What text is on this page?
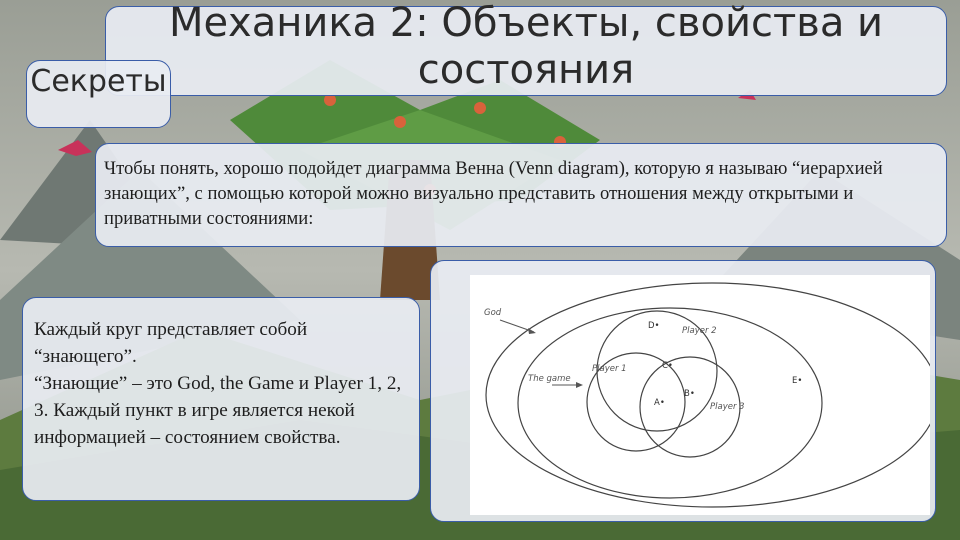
Механика 2: Объекты, свойства и состояния
Секреты
Чтобы понять, хорошо подойдет диаграмма Венна (Venn diagram), которую я называю “иерархией знающих”, с помощью которой можно визуально представить отношения между открытыми и приватными состояниями:
Каждый круг представляет собой “знающего”.
“Знающие” – это God, the Game и Player 1, 2, 3. Каждый пункт в игре является некой информацией – состоянием свойства.
God
The game
Player 1
Player 2
Player 3
A•
B•
C•
D•
E•
